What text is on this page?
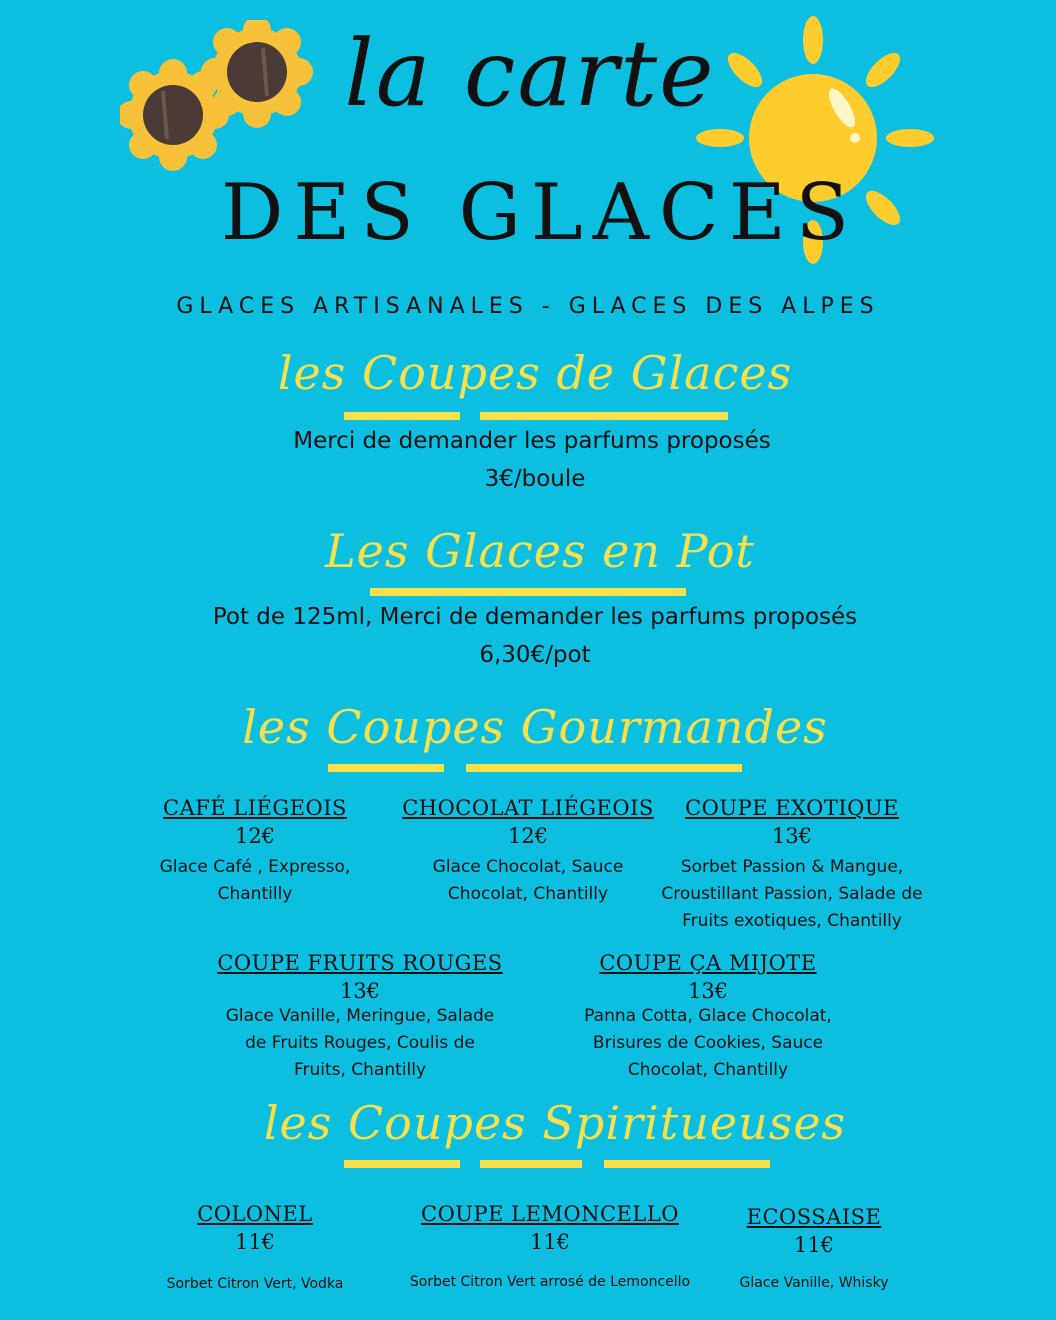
la carte
DES GLACES
GLACES ARTISANALES - GLACES DES ALPES
les Coupes de Glaces
Merci de demander les parfums proposés
3€/boule
Les Glaces en Pot
Pot de 125ml, Merci de demander les parfums proposés
6,30€/pot
les Coupes Gourmandes
CAFÉ LIÉGEOIS
12€
Glace Café , Expresso, Chantilly
CHOCOLAT LIÉGEOIS
12€
Glace Chocolat, Sauce Chocolat, Chantilly
COUPE EXOTIQUE
13€
Sorbet Passion & Mangue, Croustillant Passion, Salade de Fruits exotiques, Chantilly
COUPE FRUITS ROUGES
13€
Glace Vanille, Meringue, Salade de Fruits Rouges, Coulis de Fruits, Chantilly
COUPE ÇA MIJOTE
13€
Panna Cotta, Glace Chocolat, Brisures de Cookies, Sauce Chocolat, Chantilly
les Coupes Spiritueuses
COLONEL
11€
Sorbet Citron Vert, Vodka
COUPE LEMONCELLO
11€
Sorbet Citron Vert arrosé de Lemoncello
ECOSSAISE
11€
Glace Vanille, Whisky
